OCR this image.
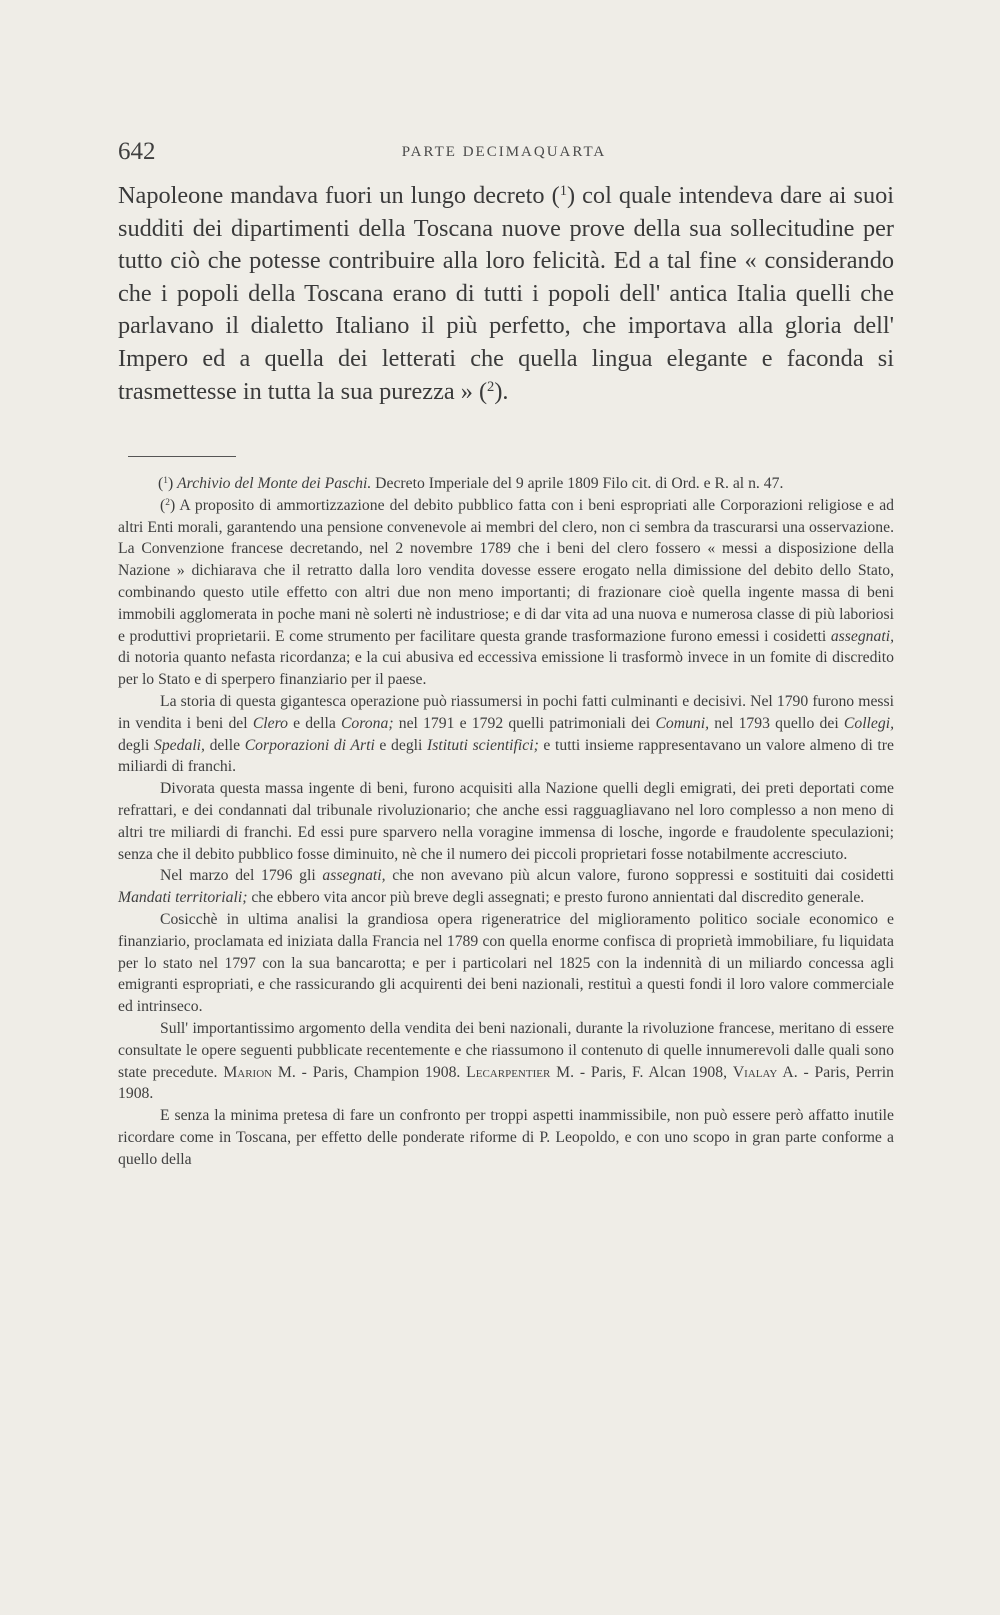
642	PARTE DECIMAQUARTA

Napoleone mandava fuori un lungo decreto ($^1$) col quale intendeva dare ai suoi sudditi dei dipartimenti della Toscana nuove prove della sua sollecitudine per tutto ciò che potesse contribuire alla loro felicità. Ed a tal fine « considerando che i popoli della Toscana erano di tutti i popoli dell' antica Italia quelli che parlavano il dialetto Italiano il più perfetto, che importava alla gloria dell' Impero ed a quella dei letterati che quella lingua elegante e faconda si trasmettesse in tutta la sua purezza » ($^2$).

($^1$) Archivio del Monte dei Paschi. Decreto Imperiale del 9 aprile 1809 Filo cit. di Ord. e R. al n. 47.

($^2$) A proposito di ammortizzazione del debito pubblico fatta con i beni espropriati alle Corporazioni religiose e ad altri Enti morali, garantendo una pensione convenevole ai membri del clero, non ci sembra da trascurarsi una osservazione. La Convenzione francese decretando, nel 2 novembre 1789 che i beni del clero fossero « messi a disposizione della Nazione » dichiarava che il retratto dalla loro vendita dovesse essere erogato nella dimissione del debito dello Stato, combinando questo utile effetto con altri due non meno importanti; di frazionare cioè quella ingente massa di beni immobili agglomerata in poche mani nè solerti nè industriose; e di dar vita ad una nuova e numerosa classe di più laboriosi e produttivi proprietarii. E come strumento per facilitare questa grande trasformazione furono emessi i cosidetti assegnati, di notoria quanto nefasta ricordanza; e la cui abusiva ed eccessiva emissione li trasformò invece in un fomite di discredito per lo Stato e di sperpero finanziario per il paese.

La storia di questa gigantesca operazione può riassumersi in pochi fatti culminanti e decisivi. Nel 1790 furono messi in vendita i beni del Clero e della Corona; nel 1791 e 1792 quelli patrimoniali dei Comuni, nel 1793 quello dei Collegi, degli Spedali, delle Corporazioni di Arti e degli Istituti scientifici; e tutti insieme rappresentavano un valore almeno di tre miliardi di franchi.

Divorata questa massa ingente di beni, furono acquisiti alla Nazione quelli degli emigrati, dei preti deportati come refrattari, e dei condannati dal tribunale rivoluzionario; che anche essi ragguagliavano nel loro complesso a non meno di altri tre miliardi di franchi. Ed essi pure sparvero nella voragine immensa di losche, ingorde e fraudolente speculazioni; senza che il debito pubblico fosse diminuito, nè che il numero dei piccoli proprietari fosse notabilmente accresciuto.

Nel marzo del 1796 gli assegnati, che non avevano più alcun valore, furono soppressi e sostituiti dai cosidetti Mandati territoriali; che ebbero vita ancor più breve degli assegnati; e presto furono annientati dal discredito generale.

Cosicchè in ultima analisi la grandiosa opera rigeneratrice del miglioramento politico sociale economico e finanziario, proclamata ed iniziata dalla Francia nel 1789 con quella enorme confisca di proprietà immobiliare, fu liquidata per lo stato nel 1797 con la sua bancarotta; e per i particolari nel 1825 con la indennità di un miliardo concessa agli emigranti espropriati, e che rassicurando gli acquirenti dei beni nazionali, restituì a questi fondi il loro valore commerciale ed intrinseco.

Sull' importantissimo argomento della vendita dei beni nazionali, durante la rivoluzione francese, meritano di essere consultate le opere seguenti pubblicate recentemente e che riassumono il contenuto di quelle innumerevoli dalle quali sono state precedute. Marion M. - Paris, Champion 1908. Lecarpentier M. - Paris, F. Alcan 1908, Vialay A. - Paris, Perrin 1908.

E senza la minima pretesa di fare un confronto per troppi aspetti inammissibile, non può essere però affatto inutile ricordare come in Toscana, per effetto delle ponderate riforme di P. Leopoldo, e con uno scopo in gran parte conforme a quello della
